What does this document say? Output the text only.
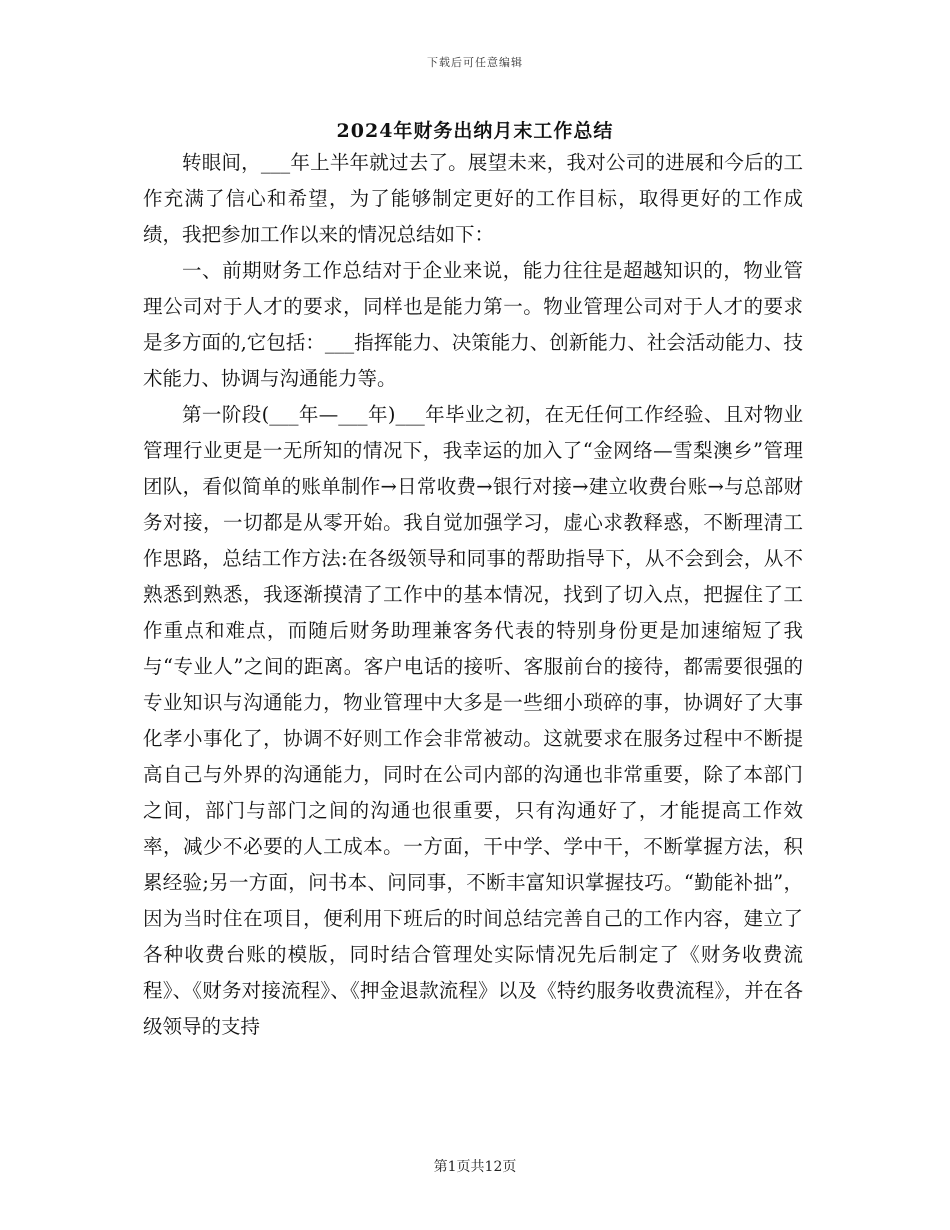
下载后可任意编辑
2024年财务出纳月末工作总结

转眼间，___年上半年就过去了。展望未来，我对公司的进展和今后的工作充满了信心和希望，为了能够制定更好的工作目标，取得更好的工作成绩，我把参加工作以来的情况总结如下：

一、前期财务工作总结对于企业来说，能力往往是超越知识的，物业管理公司对于人才的要求，同样也是能力第一。物业管理公司对于人才的要求是多方面的,它包括：___指挥能力、决策能力、创新能力、社会活动能力、技术能力、协调与沟通能力等。

第一阶段(___年—___年)___年毕业之初，在无任何工作经验、且对物业管理行业更是一无所知的情况下，我幸运的加入了“金网络—雪梨澳乡”管理团队，看似简单的账单制作→日常收费→银行对接→建立收费台账→与总部财务对接，一切都是从零开始。我自觉加强学习，虚心求教释惑，不断理清工作思路，总结工作方法:在各级领导和同事的帮助指导下，从不会到会，从不熟悉到熟悉，我逐渐摸清了工作中的基本情况，找到了切入点，把握住了工作重点和难点，而随后财务助理兼客务代表的特别身份更是加速缩短了我与“专业人”之间的距离。客户电话的接听、客服前台的接待，都需要很强的专业知识与沟通能力，物业管理中大多是一些细小琐碎的事，协调好了大事化孝小事化了，协调不好则工作会非常被动。这就要求在服务过程中不断提高自己与外界的沟通能力，同时在公司内部的沟通也非常重要，除了本部门之间，部门与部门之间的沟通也很重要，只有沟通好了，才能提高工作效率，减少不必要的人工成本。一方面，干中学、学中干，不断掌握方法，积累经验;另一方面，问书本、问同事，不断丰富知识掌握技巧。“勤能补拙”，因为当时住在项目，便利用下班后的时间总结完善自己的工作内容，建立了各种收费台账的模版，同时结合管理处实际情况先后制定了《财务收费流程》、《财务对接流程》、《押金退款流程》以及《特约服务收费流程》，并在各级领导的支持

第1页共12页
